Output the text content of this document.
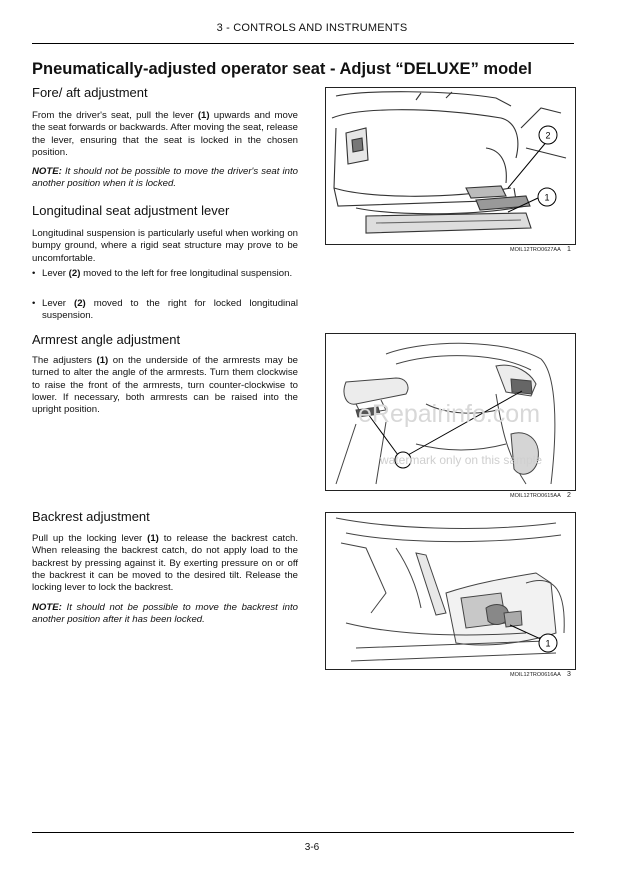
3 - CONTROLS AND INSTRUMENTS
Pneumatically-adjusted operator seat - Adjust “DELUXE” model
Fore/ aft adjustment
From the driver's seat, pull the lever (1) upwards and move the seat forwards or backwards. After moving the seat, release the lever, ensuring that the seat is locked in the chosen position.
NOTE: It should not be possible to move the driver's seat into another position when it is locked.
Longitudinal seat adjustment lever
Longitudinal suspension is particularly useful when working on bumpy ground, where a rigid seat structure may prove to be uncomfortable.
• Lever (2) moved to the left for free longitudinal suspension.
• Lever (2) moved to the right for locked longitudinal suspension.
Armrest angle adjustment
The adjusters (1) on the underside of the armrests may be turned to alter the angle of the armrests. Turn them clockwise to raise the front of the armrests, turn counter-clockwise to lower. If necessary, both armrests can be raised into the upright position.
Backrest adjustment
Pull up the locking lever (1) to release the backrest catch. When releasing the backrest catch, do not apply load to the backrest by pressing against it. By exerting pressure on or off the backrest it can be moved to the desired tilt. Release the locking lever to lock the backrest.
NOTE: It should not be possible to move the backrest into another position after it has been locked.
2
1
MOIL12TRO0627AA 1
MOIL12TRO0615AA 2
1
MOIL12TRO0616AA 3
eRepairinfo.com
watermark only on this sample
3-6
